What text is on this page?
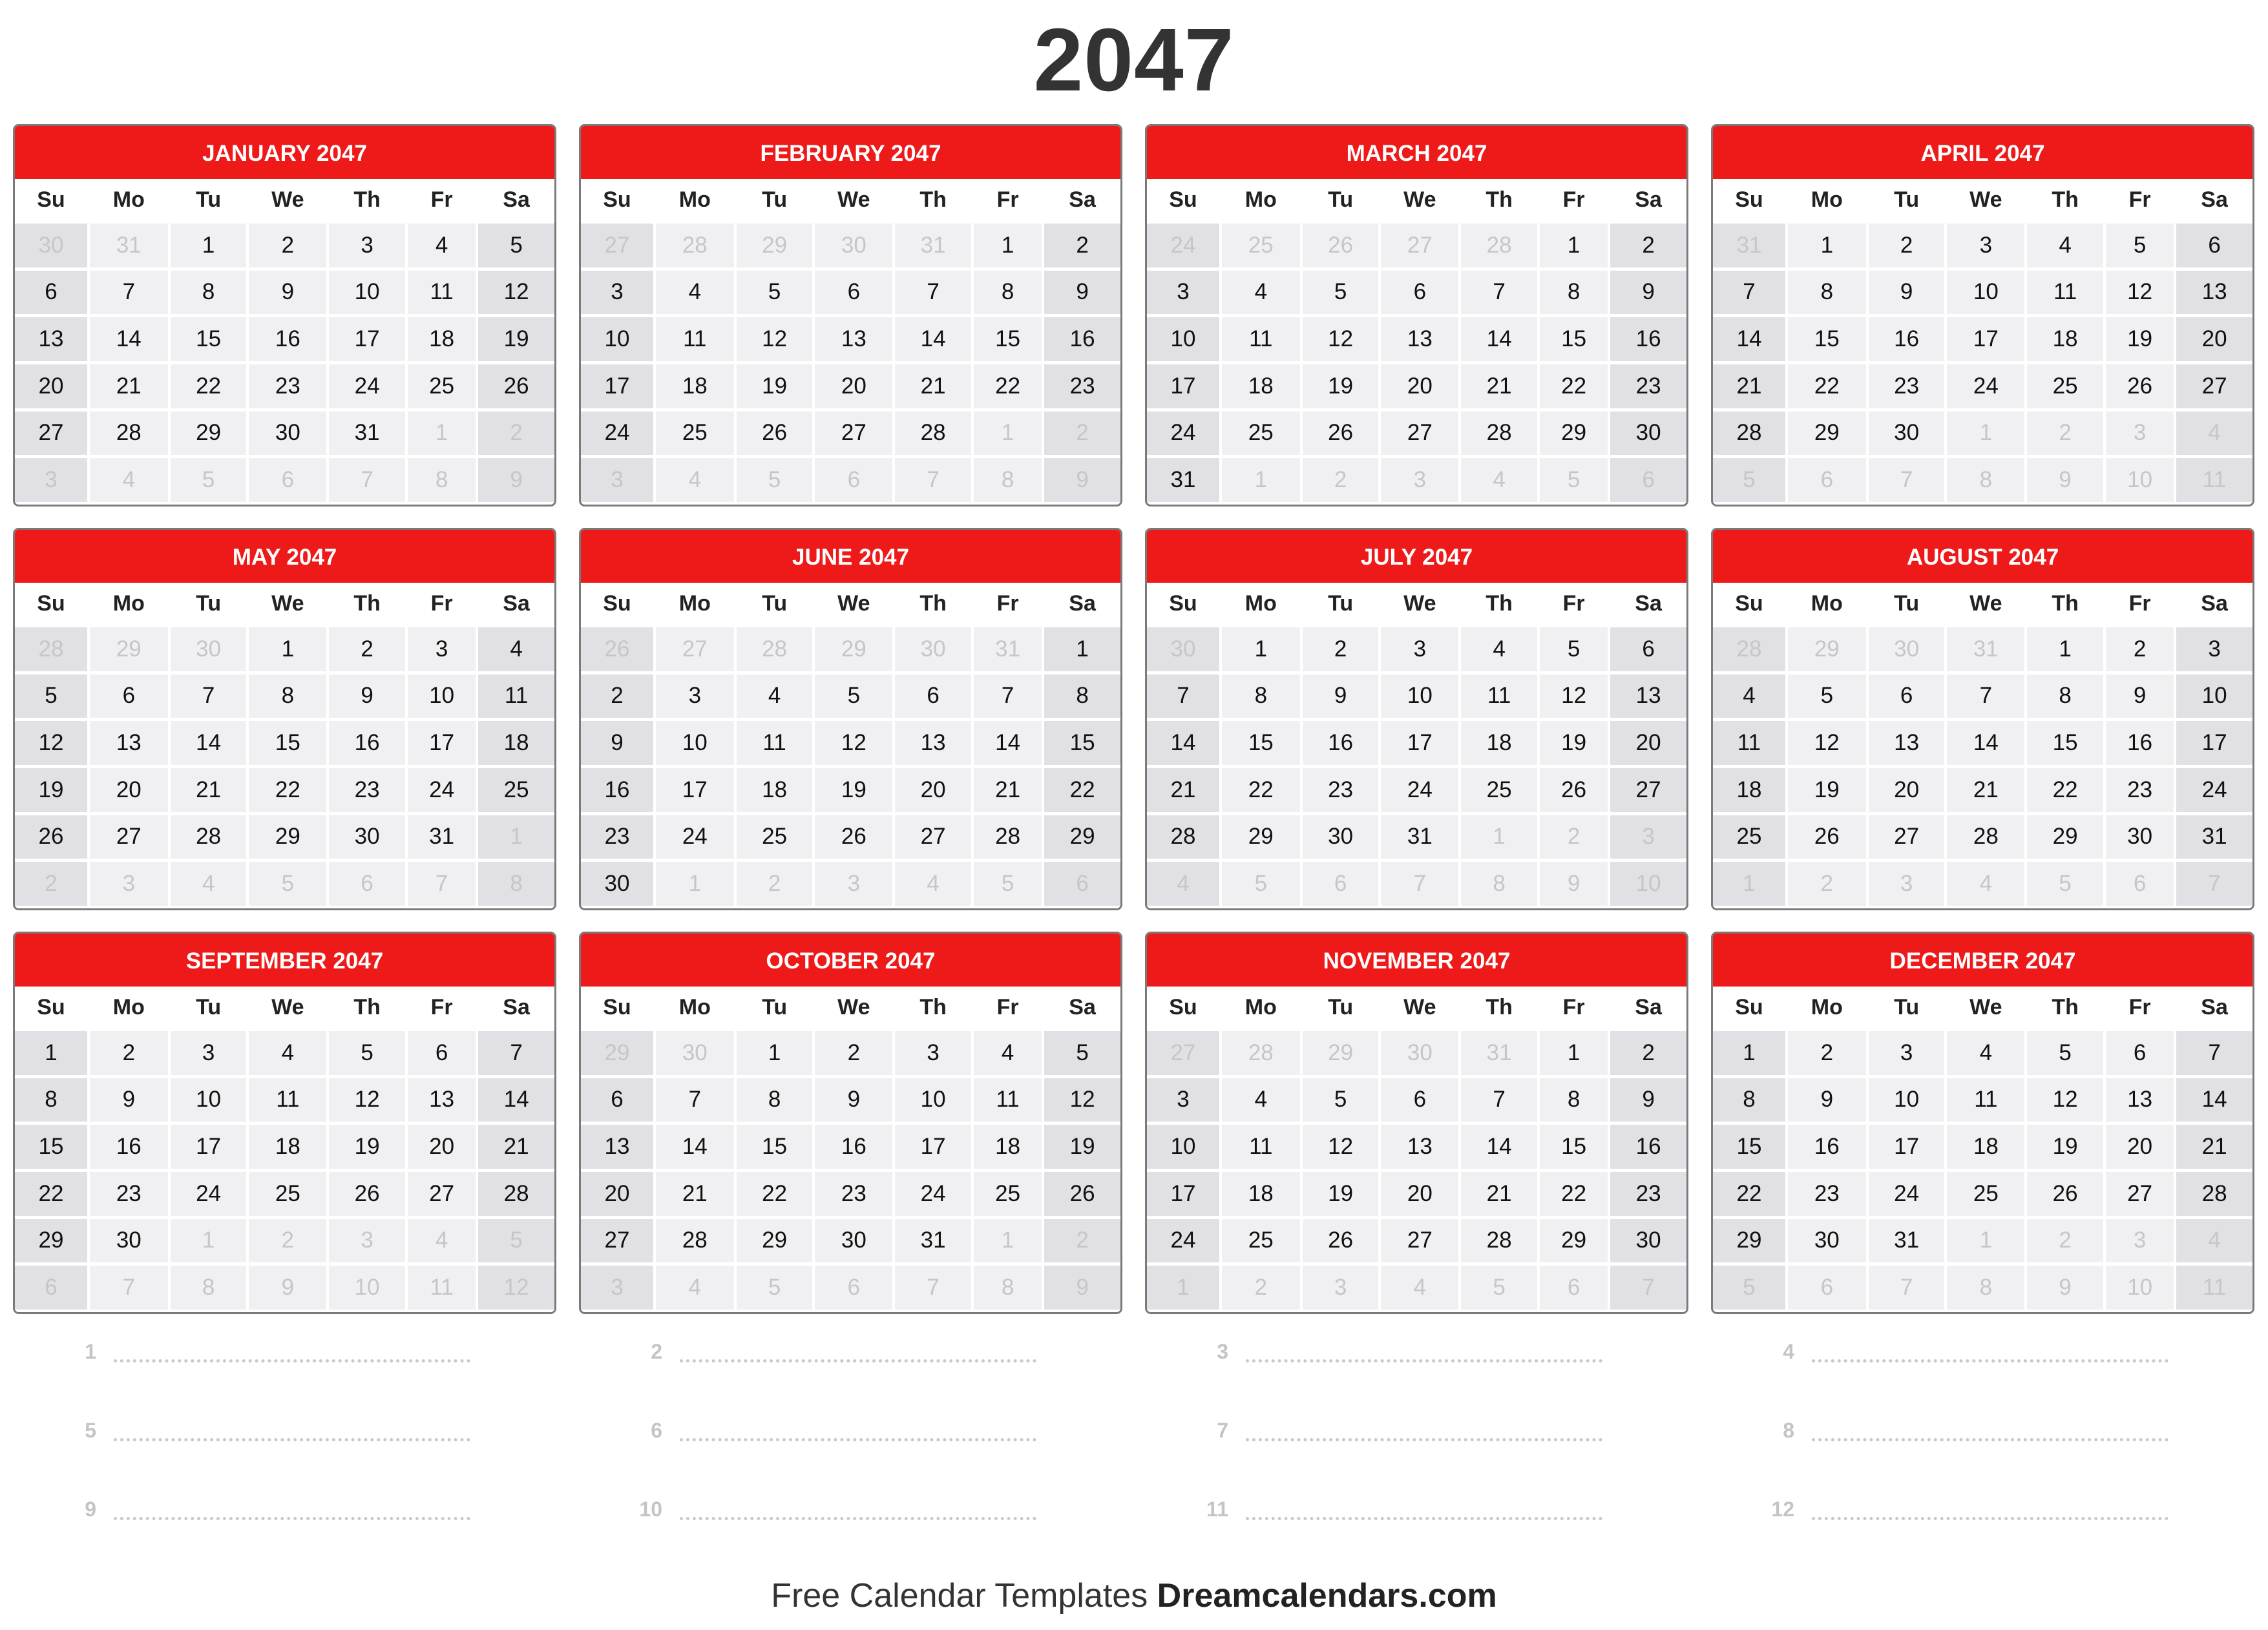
2047
JANUARY 2047
Su	Mo	Tu	We	Th	Fr	Sa
30	31	1	2	3	4	5
6	7	8	9	10	11	12
13	14	15	16	17	18	19
20	21	22	23	24	25	26
27	28	29	30	31	1	2
3	4	5	6	7	8	9
FEBRUARY 2047
Su	Mo	Tu	We	Th	Fr	Sa
27	28	29	30	31	1	2
3	4	5	6	7	8	9
10	11	12	13	14	15	16
17	18	19	20	21	22	23
24	25	26	27	28	1	2
3	4	5	6	7	8	9
MARCH 2047
Su	Mo	Tu	We	Th	Fr	Sa
24	25	26	27	28	1	2
3	4	5	6	7	8	9
10	11	12	13	14	15	16
17	18	19	20	21	22	23
24	25	26	27	28	29	30
31	1	2	3	4	5	6
APRIL 2047
Su	Mo	Tu	We	Th	Fr	Sa
31	1	2	3	4	5	6
7	8	9	10	11	12	13
14	15	16	17	18	19	20
21	22	23	24	25	26	27
28	29	30	1	2	3	4
5	6	7	8	9	10	11
MAY 2047
Su	Mo	Tu	We	Th	Fr	Sa
28	29	30	1	2	3	4
5	6	7	8	9	10	11
12	13	14	15	16	17	18
19	20	21	22	23	24	25
26	27	28	29	30	31	1
2	3	4	5	6	7	8
JUNE 2047
Su	Mo	Tu	We	Th	Fr	Sa
26	27	28	29	30	31	1
2	3	4	5	6	7	8
9	10	11	12	13	14	15
16	17	18	19	20	21	22
23	24	25	26	27	28	29
30	1	2	3	4	5	6
JULY 2047
Su	Mo	Tu	We	Th	Fr	Sa
30	1	2	3	4	5	6
7	8	9	10	11	12	13
14	15	16	17	18	19	20
21	22	23	24	25	26	27
28	29	30	31	1	2	3
4	5	6	7	8	9	10
AUGUST 2047
Su	Mo	Tu	We	Th	Fr	Sa
28	29	30	31	1	2	3
4	5	6	7	8	9	10
11	12	13	14	15	16	17
18	19	20	21	22	23	24
25	26	27	28	29	30	31
1	2	3	4	5	6	7
SEPTEMBER 2047
Su	Mo	Tu	We	Th	Fr	Sa
1	2	3	4	5	6	7
8	9	10	11	12	13	14
15	16	17	18	19	20	21
22	23	24	25	26	27	28
29	30	1	2	3	4	5
6	7	8	9	10	11	12
OCTOBER 2047
Su	Mo	Tu	We	Th	Fr	Sa
29	30	1	2	3	4	5
6	7	8	9	10	11	12
13	14	15	16	17	18	19
20	21	22	23	24	25	26
27	28	29	30	31	1	2
3	4	5	6	7	8	9
NOVEMBER 2047
Su	Mo	Tu	We	Th	Fr	Sa
27	28	29	30	31	1	2
3	4	5	6	7	8	9
10	11	12	13	14	15	16
17	18	19	20	21	22	23
24	25	26	27	28	29	30
1	2	3	4	5	6	7
DECEMBER 2047
Su	Mo	Tu	We	Th	Fr	Sa
1	2	3	4	5	6	7
8	9	10	11	12	13	14
15	16	17	18	19	20	21
22	23	24	25	26	27	28
29	30	31	1	2	3	4
5	6	7	8	9	10	11
1	2	3	4
5	6	7	8
9	10	11	12
Free Calendar Templates Dreamcalendars.com
